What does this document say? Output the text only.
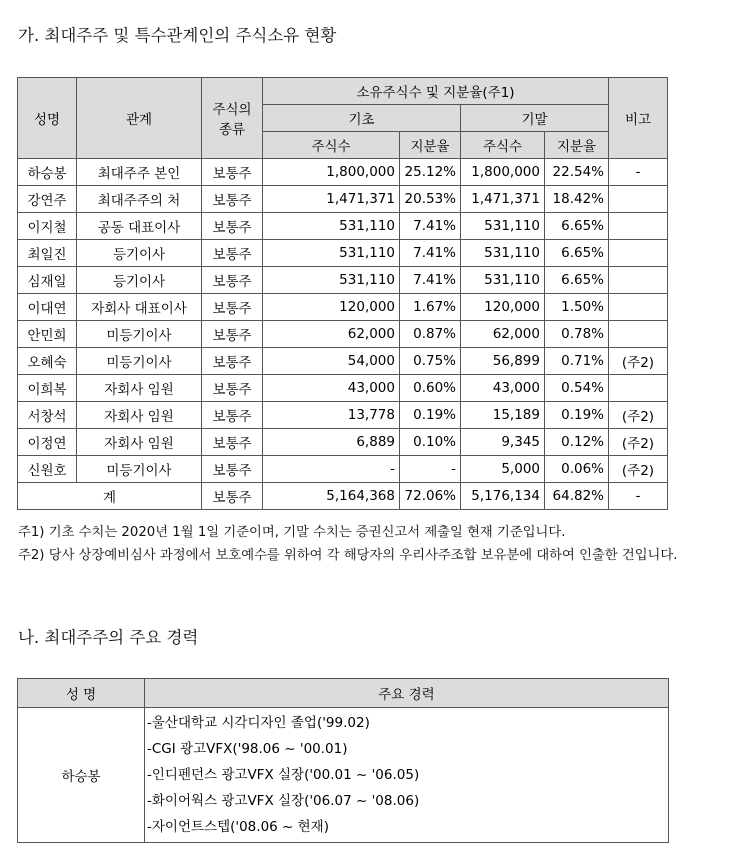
가. 최대주주 및 특수관계인의 주식소유 현황
성명	관계	주식의
종류	소유주식수 및 지분율(주1)				비고
			기초		기말		
			주식수	지분율	주식수	지분율	
하승봉	최대주주 본인	보통주	1,800,000	25.12%	1,800,000	22.54%	-
강연주	최대주주의 처	보통주	1,471,371	20.53%	1,471,371	18.42%	
이지철	공동 대표이사	보통주	531,110	7.41%	531,110	6.65%	
최일진	등기이사	보통주	531,110	7.41%	531,110	6.65%	
심재일	등기이사	보통주	531,110	7.41%	531,110	6.65%	
이대연	자회사 대표이사	보통주	120,000	1.67%	120,000	1.50%	
안민희	미등기이사	보통주	62,000	0.87%	62,000	0.78%	
오혜숙	미등기이사	보통주	54,000	0.75%	56,899	0.71%	(주2)
이희복	자회사 임원	보통주	43,000	0.60%	43,000	0.54%	
서창석	자회사 임원	보통주	13,778	0.19%	15,189	0.19%	(주2)
이정연	자회사 임원	보통주	6,889	0.10%	9,345	0.12%	(주2)
신원호	미등기이사	보통주	-	-	5,000	0.06%	(주2)
계		보통주	5,164,368	72.06%	5,176,134	64.82%	-

주1) 기초 수치는 2020년 1월 1일 기준이며, 기말 수치는 증권신고서 제출일 현재 기준입니다.

주2) 당사 상장예비심사 과정에서 보호예수를 위하여 각 해당자의 우리사주조합 보유분에 대하여 인출한 건입니다.

나. 최대주주의 주요 경력
성 명	주요 경력
하승봉	-울산대학교 시각디자인 졸업('99.02)
-CGI 광고VFX('98.06 ~ '00.01)
-인디펜던스 광고VFX 실장('00.01 ~ '06.05)
-화이어웍스 광고VFX 실장('06.07 ~ '08.06)
-자이언트스텝('08.06 ~ 현재)
